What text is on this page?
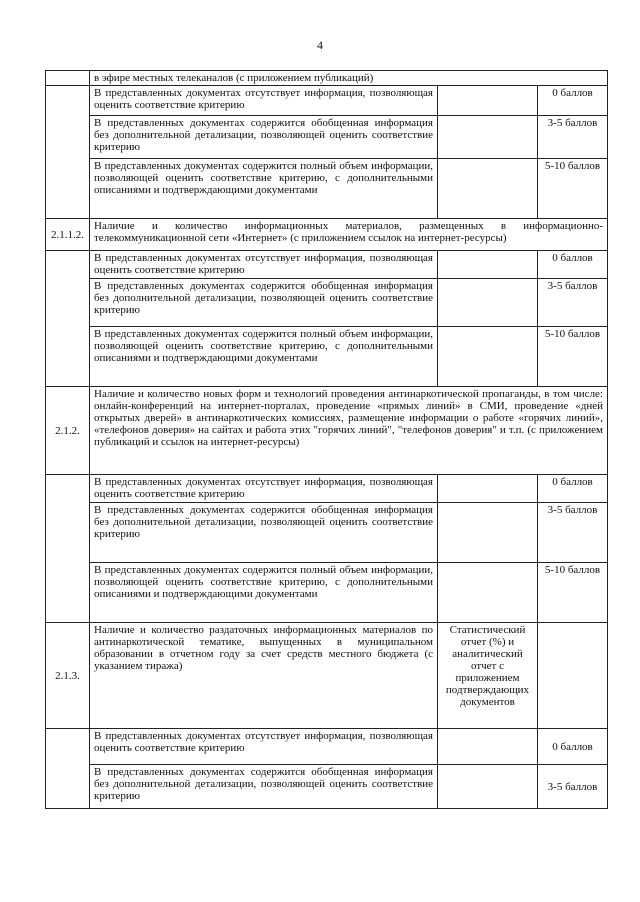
4
	в эфире местных телеканалов (с приложением публикаций)		
	В представленных документах отсутствует информация, позволяющая оценить соответствие критерию		0 баллов
	В представленных документах содержится обобщенная информация без дополнительной детализации, позволяющей оценить соответствие критерию		3-5 баллов
	В представленных документах содержится полный объем информации, позволяющей оценить соответствие критерию, с дополнительными описаниями и подтверждающими документами		5-10 баллов
2.1.1.2.	Наличие и количество информационных материалов, размещенных в информационно-телекоммуникационной сети «Интернет» (с приложением ссылок на интернет-ресурсы)		
	В представленных документах отсутствует информация, позволяющая оценить соответствие критерию		0 баллов
	В представленных документах содержится обобщенная информация без дополнительной детализации, позволяющей оценить соответствие критерию		3-5 баллов
	В представленных документах содержится полный объем информации, позволяющей оценить соответствие критерию, с дополнительными описаниями и подтверждающими документами		5-10 баллов
2.1.2.	Наличие и количество новых форм и технологий проведения антинаркотической пропаганды, в том числе: онлайн-конференций на интернет-порталах, проведение «прямых линий» в СМИ, проведение «дней открытых дверей» в антинаркотических комиссиях, размещение информации о работе «горячих линий», «телефонов доверия» на сайтах и работа этих "горячих линий", "телефонов доверия" и т.п. (с приложением публикаций и ссылок на интернет-ресурсы)		
	В представленных документах отсутствует информация, позволяющая оценить соответствие критерию		0 баллов
	В представленных документах содержится обобщенная информация без дополнительной детализации, позволяющей оценить соответствие критерию		3-5 баллов
	В представленных документах содержится полный объем информации, позволяющей оценить соответствие критерию, с дополнительными описаниями и подтверждающими документами		5-10 баллов
2.1.3.	Наличие и количество раздаточных информационных материалов по антинаркотической тематике, выпущенных в муниципальном образовании в отчетном году за счет средств местного бюджета (с указанием тиража)	Статистический отчет (%) и аналитический отчет с приложением подтверждающих документов	
	В представленных документах отсутствует информация, позволяющая оценить соответствие критерию		0 баллов
	В представленных документах содержится обобщенная информация без дополнительной детализации, позволяющей оценить соответствие критерию		3-5 баллов
